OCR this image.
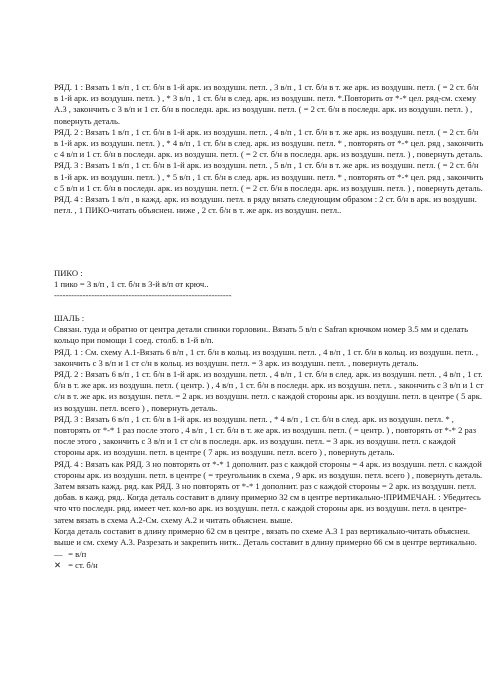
РЯД. 1 : Вязать 1 в/п , 1 ст. б/н в 1-й арк. из воздушн. петл. , 3 в/п , 1 ст. б/н в т. же арк. из воздушн. петл. ( = 2 ст. б/н в 1-й арк. из воздушн. петл. ) , * 3 в/п , 1 ст. б/н в след. арк. из воздушн. петл. *.Повторить от *-* цел. ряд-см. схему А.3 , закончить с 3 в/п и 1 ст. б/н в последн. арк. из воздушн. петл. ( = 2 ст. б/н в последн. арк. из воздушн. петл. ) , повернуть деталь.

РЯД. 2 : Вязать 1 в/п , 1 ст. б/н в 1-й арк. из воздушн. петл. , 4 в/п , 1 ст. б/н в т. же арк. из воздушн. петл. ( = 2 ст. б/н в 1-й арк. из воздушн. петл. ) , * 4 в/п , 1 ст. б/н в след. арк. из воздушн. петл. * , повторять от *-* цел. ряд , закончить с 4 в/п и 1 ст. б/н в последн. арк. из воздушн. петл. ( = 2 ст. б/н в последн. арк. из воздушн. петл. ) , повернуть деталь.

РЯД. 3 : Вязать 1 в/п , 1 ст. б/н в 1-й арк. из воздушн. петл. , 5 в/п , 1 ст. б/н в т. же арк. из воздушн. петл. ( = 2 ст. б/н в 1-й арк. из воздушн. петл. ) , * 5 в/п , 1 ст. б/н в след. арк. из воздушн. петл. * , повторять от *-* цел. ряд , закончить с 5 в/п и 1 ст. б/н в последн. арк. из воздушн. петл. ( = 2 ст. б/н в последн. арк. из воздушн. петл. ) , повернуть деталь.

РЯД. 4 : Вязать 1 в/п , в кажд. арк. из воздушн. петл. в ряду вязать следующим образом : 2 ст. б/н в арк. из воздушн. петл. , 1 ПИКО-читать объяснен. ниже , 2 ст. б/н в т. же арк. из воздушн. петл..

ПИКО :

1 пико = 3 в/п , 1 ст. б/н в 3-й в/п от крюч..

--------------------------------------------------------------

ШАЛЬ :

Связан. туда и обратно от центра детали спинки горловин.. Вязать 5 в/п с Safran крючком номер 3.5 мм и сделать кольцо при помощи 1 соед. столб. в 1-й в/п.

РЯД. 1 : См. схему А.1-Вязать 6 в/п , 1 ст. б/н в кольц. из воздушн. петл. , 4 в/п , 1 ст. б/н в кольц. из воздушн. петл. , закончить с 3 в/п и 1 ст с/н в кольц. из воздушн. петл. = 3 арк. из воздушн. петл. , повернуть деталь.

РЯД. 2 : Вязать 6 в/п , 1 ст. б/н в 1-й арк. из воздушн. петл. , 4 в/п , 1 ст. б/н в след. арк. из воздушн. петл. , 4 в/п , 1 ст. б/н в т. же арк. из воздушн. петл. ( центр. ) , 4 в/п , 1 ст. б/н в последн. арк. из воздушн. петл. , закончить с 3 в/п и 1 ст с/н в т. же арк. из воздушн. петл. = 2 арк. из воздушн. петл. с каждой стороны арк. из воздушн. петл. в центре ( 5 арк. из воздушн. петл. всего ) , повернуть деталь.

РЯД. 3 : Вязать 6 в/п , 1 ст. б/н в 1-й арк. из воздушн. петл. , * 4 в/п , 1 ст. б/н в след. арк. из воздушн. петл. * , повторять от *-* 1 раз после этого , 4 в/п , 1 ст. б/н в т. же арк. из воздушн. петл. ( = центр. ) , повторять от *-* 2 раз после этого , закончить с 3 в/п и 1 ст с/н в последн. арк. из воздушн. петл. = 3 арк. из воздушн. петл. с каждой стороны арк. из воздушн. петл. в центре ( 7 арк. из воздушн. петл. всего ) , повернуть деталь.

РЯД. 4 : Вязать как РЯД. 3 но повторять от *-* 1 дополнит. раз с каждой стороны = 4 арк. из воздушн. петл. с каждой стороны арк. из воздушн. петл. в центре ( = треугольник в схема , 9 арк. из воздушн. петл. всего ) , повернуть деталь.

Затем вязать кажд. ряд. как РЯД. 3 но повторять от *-* 1 дополнит. раз с каждой стороны = 2 арк. из воздушн. петл. добав. в кажд. ряд.. Когда деталь составит в длину примерно 32 см в центре вертикально-!ПРИМЕЧАН. : Убедитесь что что последн. ряд. имеет чет. кол-во арк. из воздушн. петл. с каждой стороны арк. из воздушн. петл. в центре-затем вязать в схема А.2-См. схему А.2 и читать объяснен. выше.

Когда деталь составит в длину примерно 62 см в центре , вязать по схеме А.3 1 раз вертикально-читать объяснен. выше и см. схему А.3. Разрезать и закрепить нитк.. Деталь составит в длину примерно 66 см в центре вертикально.

— = в/п

✕ = ст. б/н
